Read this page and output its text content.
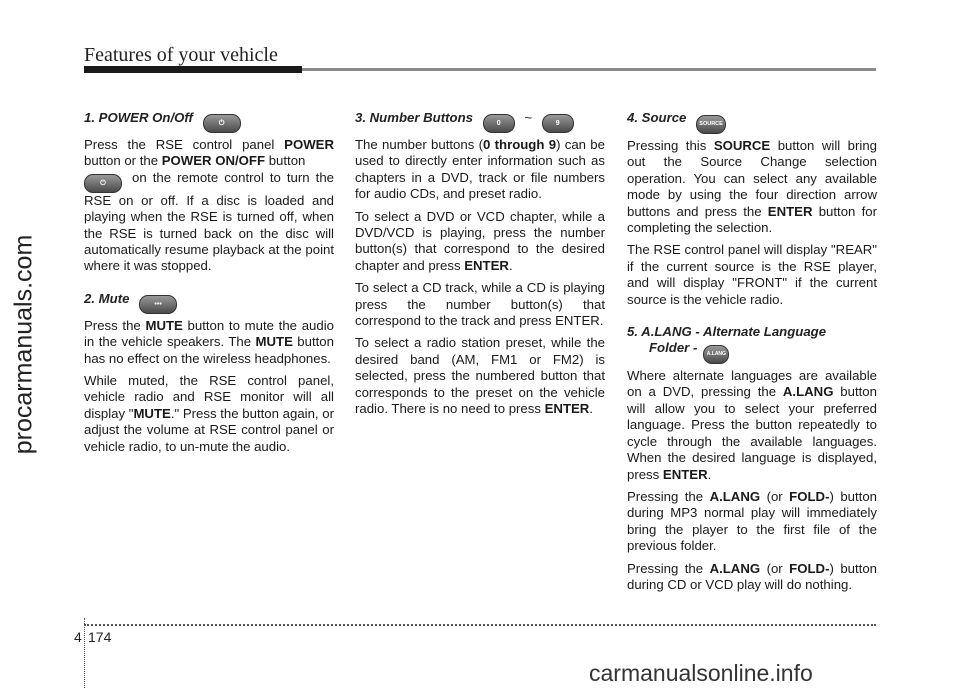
Features of your vehicle
procarmanuals.com
1. POWER On/Off	⏻

Press the RSE control panel POWER button or the POWER ON/OFF button
⏻ on the remote control to turn the RSE on or off. If a disc is loaded and playing when the RSE is turned off, when the RSE is turned back on the disc will automatically resume playback at the point where it was stopped.

2. Mute	•••

Press the MUTE button to mute the audio in the vehicle speakers. The MUTE button has no effect on the wireless headphones.

While muted, the RSE control panel, vehicle radio and RSE monitor will all display "MUTE." Press the button again, or adjust the volume at RSE control panel or vehicle radio, to un-mute the audio.

3. Number Buttons	0 ~	9

The number buttons (0 through 9) can be used to directly enter information such as chapters in a DVD, track or file numbers for audio CDs, and preset radio.

To select a DVD or VCD chapter, while a DVD/VCD is playing, press the number button(s) that correspond to the desired chapter and press ENTER.

To select a CD track, while a CD is playing press the number button(s) that correspond to the track and press ENTER.

To select a radio station preset, while the desired band (AM, FM1 or FM2) is selected, press the numbered button that corresponds to the preset on the vehicle radio. There is no need to press ENTER.

4. Source SOURCE

Pressing this SOURCE button will bring out the Source Change selection operation. You can select any available mode by using the four direction arrow buttons and press the ENTER button for completing the selection.

The RSE control panel will display "REAR" if the current source is the RSE player, and will display "FRONT" if the current source is the vehicle radio.

5. A.LANG - Alternate Language
Folder - A.LANG

Where alternate languages are available on a DVD, pressing the A.LANG button will allow you to select your preferred language. Press the button repeatedly to cycle through the available languages. When the desired language is displayed, press ENTER.

Pressing the A.LANG (or FOLD-) button during MP3 normal play will immediately bring the player to the first file of the previous folder.

Pressing the A.LANG (or FOLD-) button during CD or VCD play will do nothing.

4 174
carmanualsonline.info
